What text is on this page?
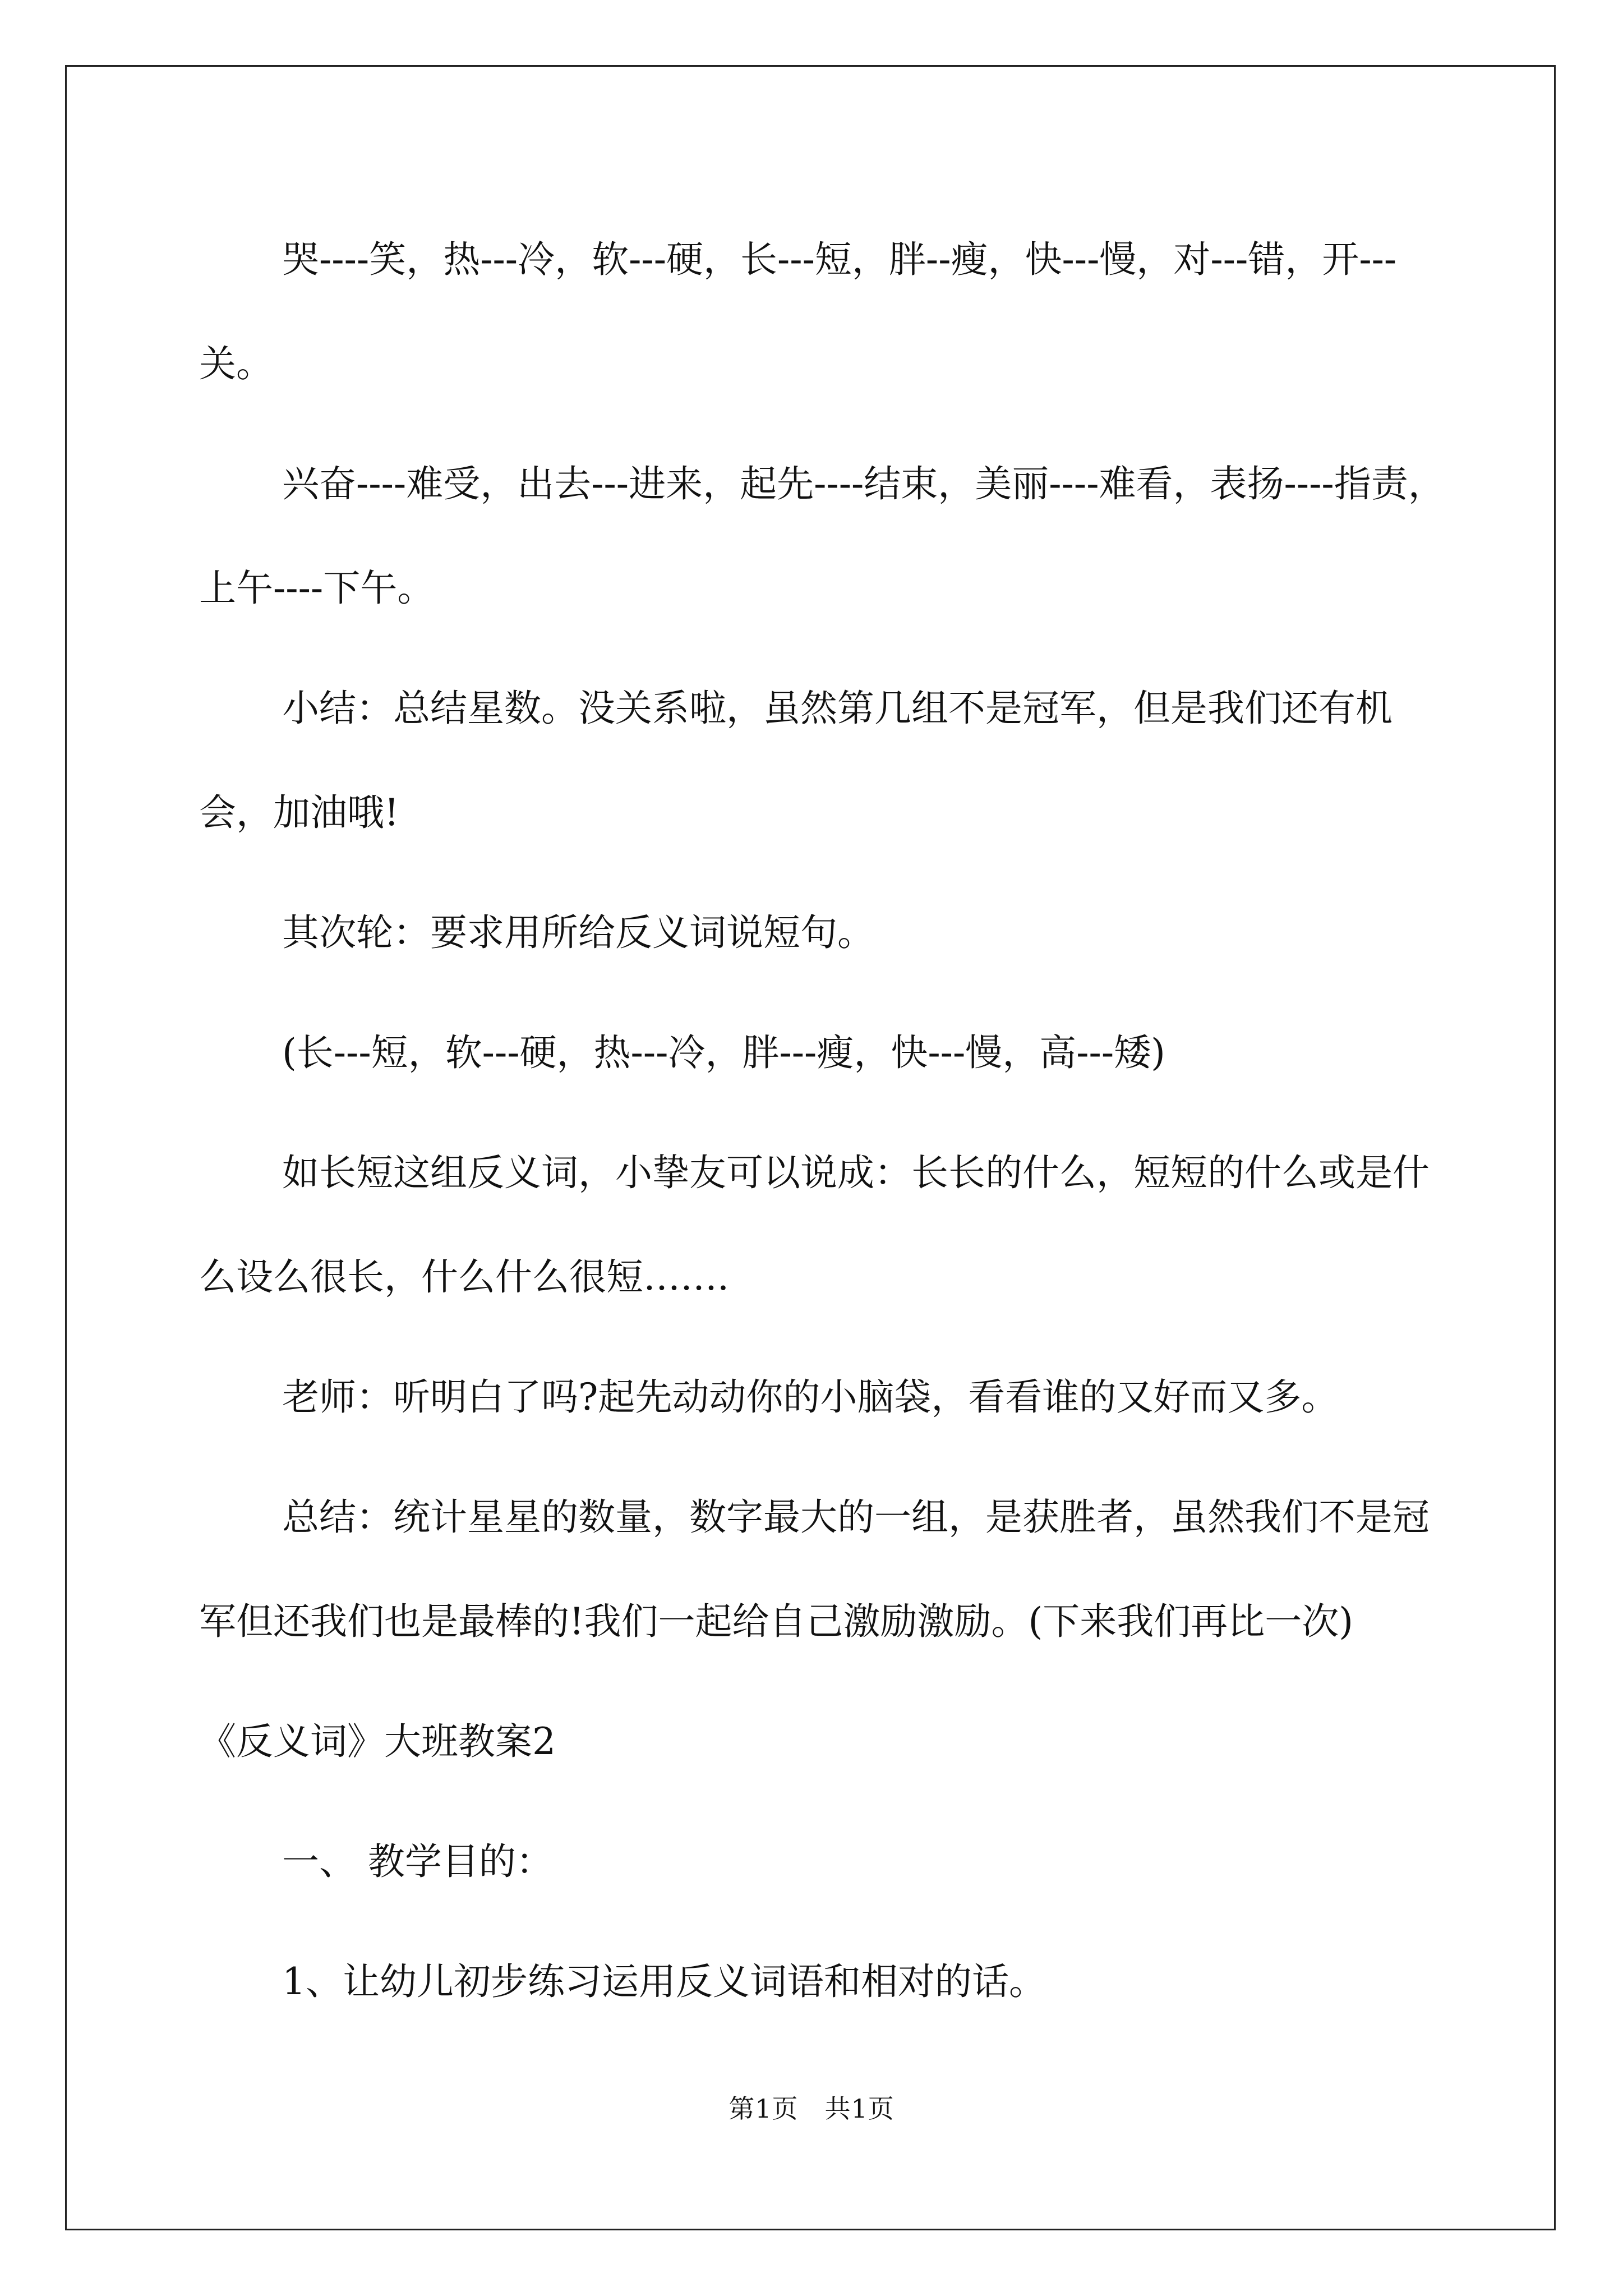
哭----笑，热---冷，软---硬，长---短，胖--瘦，快---慢，对---错，开---关。

兴奋----难受，出去---进来，起先----结束，美丽----难看，表扬----指责，上午----下午。

小结：总结星数。没关系啦，虽然第几组不是冠军，但是我们还有机会，加油哦!

其次轮：要求用所给反义词说短句。

(长---短，软---硬，热---冷，胖---瘦，快---慢，高---矮)

如长短这组反义词，小挚友可以说成：长长的什么，短短的什么或是什么设么很长，什么什么很短…….

老师：听明白了吗?起先动动你的小脑袋，看看谁的又好而又多。

总结：统计星星的数量，数字最大的一组，是获胜者，虽然我们不是冠军但还我们也是最棒的!我们一起给自己激励激励。(下来我们再比一次)

《反义词》大班教案2

一、 教学目的：

1、让幼儿初步练习运用反义词语和相对的话。

第1页　共1页
